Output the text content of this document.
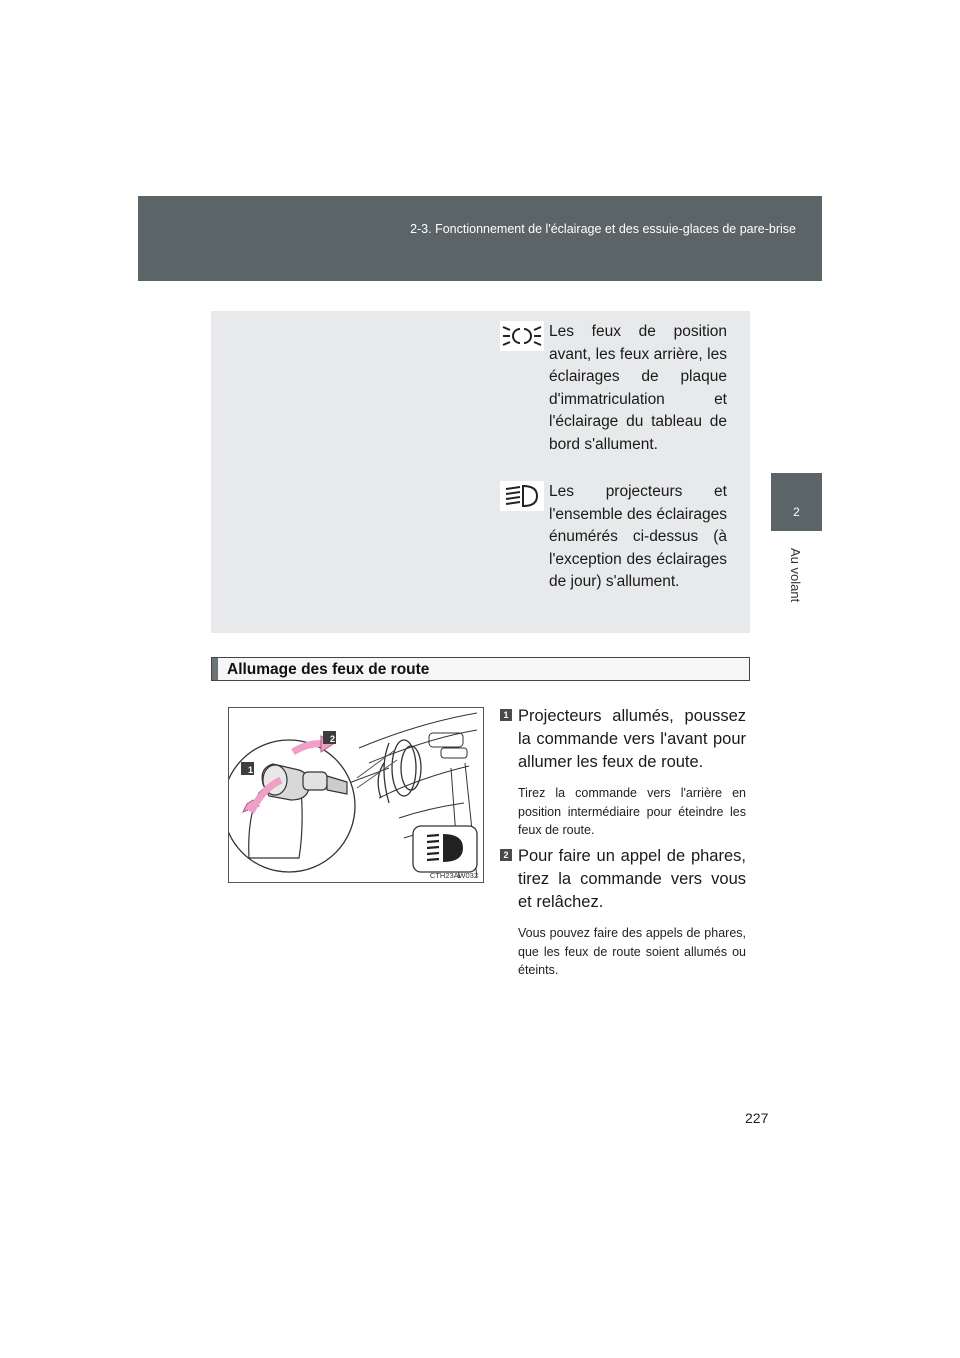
2-3. Fonctionnement de l'éclairage et des essuie-glaces de pare-brise
2
Au volant
Les feux de position avant, les feux arrière, les éclairages de plaque d'immatriculation et l'éclairage du tableau de bord s'allument.
Les projecteurs et l'ensemble des éclairages énumérés ci-dessus (à l'exception des éclairages de jour) s'allument.
Allumage des feux de route
1
2
CTH23AW032
1 Projecteurs allumés, poussez la commande vers l'avant pour allumer les feux de route.
Tirez la commande vers l'arrière en position intermédiaire pour éteindre les feux de route.
2 Pour faire un appel de phares, tirez la commande vers vous et relâchez.
Vous pouvez faire des appels de phares, que les feux de route soient allumés ou éteints.
227
